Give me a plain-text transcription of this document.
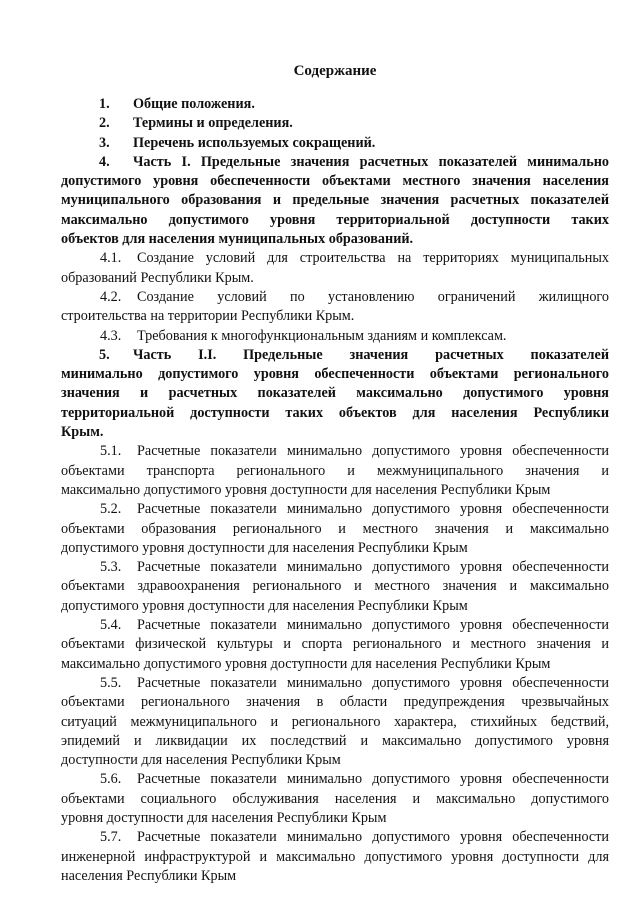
Содержание
1. Общие положения.
2. Термины и определения.
3. Перечень используемых сокращений.
4. Часть I. Предельные значения расчетных показателей минимально
допустимого уровня обеспеченности объектами местного значения населения
муниципального образования и предельные значения расчетных показателей
максимально допустимого уровня территориальной доступности таких
объектов для населения муниципальных образований.
4.1. Создание условий для строительства на территориях муниципальных
образований Республики Крым.
4.2. Создание условий по установлению ограничений жилищного
строительства на территории Республики Крым.
4.3. Требования к многофункциональным зданиям и комплексам.
5. Часть I.I. Предельные значения расчетных показателей
минимально допустимого уровня обеспеченности объектами регионального
значения и расчетных показателей максимально допустимого уровня
территориальной доступности таких объектов для населения Республики
Крым.
5.1. Расчетные показатели минимально допустимого уровня обеспеченности
объектами транспорта регионального и межмуниципального значения и
максимально допустимого уровня доступности для населения Республики Крым
5.2. Расчетные показатели минимально допустимого уровня обеспеченности
объектами образования регионального и местного значения и максимально
допустимого уровня доступности для населения Республики Крым
5.3. Расчетные показатели минимально допустимого уровня обеспеченности
объектами здравоохранения регионального и местного значения и максимально
допустимого уровня доступности для населения Республики Крым
5.4. Расчетные показатели минимально допустимого уровня обеспеченности
объектами физической культуры и спорта регионального и местного значения и
максимально допустимого уровня доступности для населения Республики Крым
5.5. Расчетные показатели минимально допустимого уровня обеспеченности
объектами регионального значения в области предупреждения чрезвычайных
ситуаций межмуниципального и регионального характера, стихийных бедствий,
эпидемий и ликвидации их последствий и максимально допустимого уровня
доступности для населения Республики Крым
5.6. Расчетные показатели минимально допустимого уровня обеспеченности
объектами социального обслуживания населения и максимально допустимого
уровня доступности для населения Республики Крым
5.7. Расчетные показатели минимально допустимого уровня обеспеченности
инженерной инфраструктурой и максимально допустимого уровня доступности для
населения Республики Крым
